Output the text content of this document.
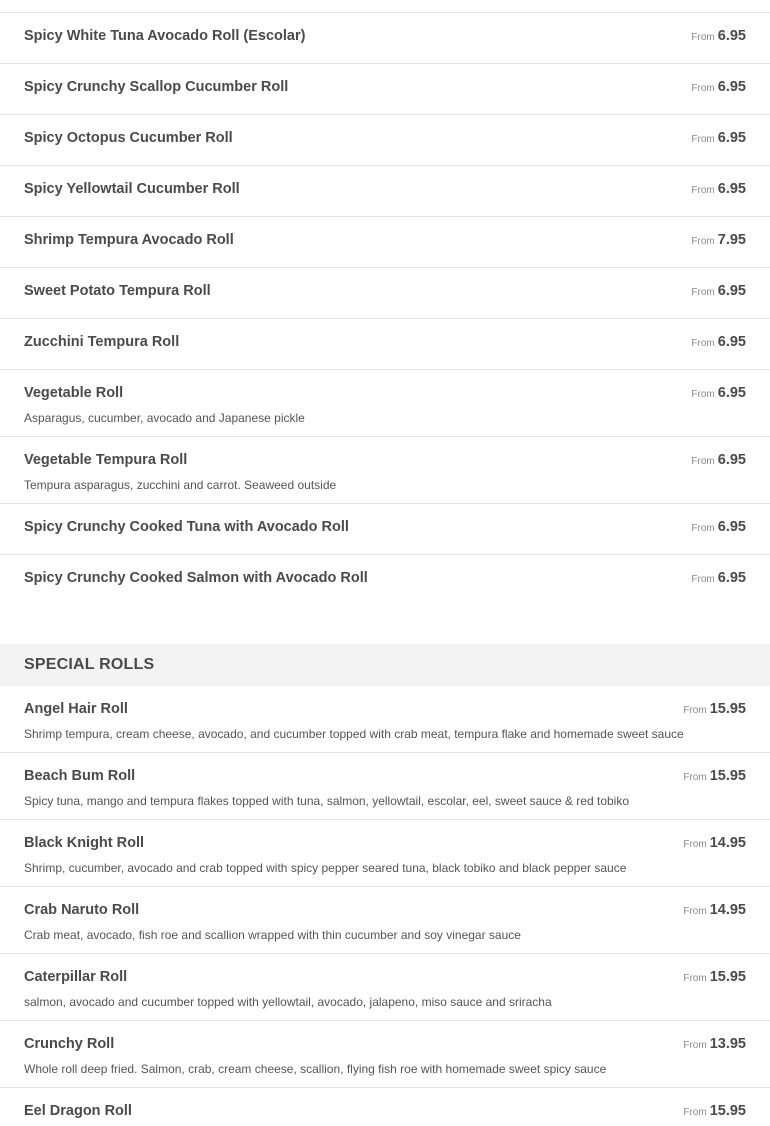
Spicy White Tuna Avocado Roll (Escolar)	From 6.95
Spicy Crunchy Scallop Cucumber Roll	From 6.95
Spicy Octopus Cucumber Roll	From 6.95
Spicy Yellowtail Cucumber Roll	From 6.95
Shrimp Tempura Avocado Roll	From 7.95
Sweet Potato Tempura Roll	From 6.95
Zucchini Tempura Roll	From 6.95
Vegetable Roll	From 6.95
Asparagus, cucumber, avocado and Japanese pickle
Vegetable Tempura Roll	From 6.95
Tempura asparagus, zucchini and carrot. Seaweed outside
Spicy Crunchy Cooked Tuna with Avocado Roll	From 6.95
Spicy Crunchy Cooked Salmon with Avocado Roll	From 6.95
SPECIAL ROLLS
Angel Hair Roll	From 15.95
Shrimp tempura, cream cheese, avocado, and cucumber topped with crab meat, tempura flake and homemade sweet sauce
Beach Bum Roll	From 15.95
Spicy tuna, mango and tempura flakes topped with tuna, salmon, yellowtail, escolar, eel, sweet sauce & red tobiko
Black Knight Roll	From 14.95
Shrimp, cucumber, avocado and crab topped with spicy pepper seared tuna, black tobiko and black pepper sauce
Crab Naruto Roll	From 14.95
Crab meat, avocado, fish roe and scallion wrapped with thin cucumber and soy vinegar sauce
Caterpillar Roll	From 15.95
salmon, avocado and cucumber topped with yellowtail, avocado, jalapeno, miso sauce and sriracha
Crunchy Roll	From 13.95
Whole roll deep fried. Salmon, crab, cream cheese, scallion, flying fish roe with homemade sweet spicy sauce
Eel Dragon Roll	From 15.95
